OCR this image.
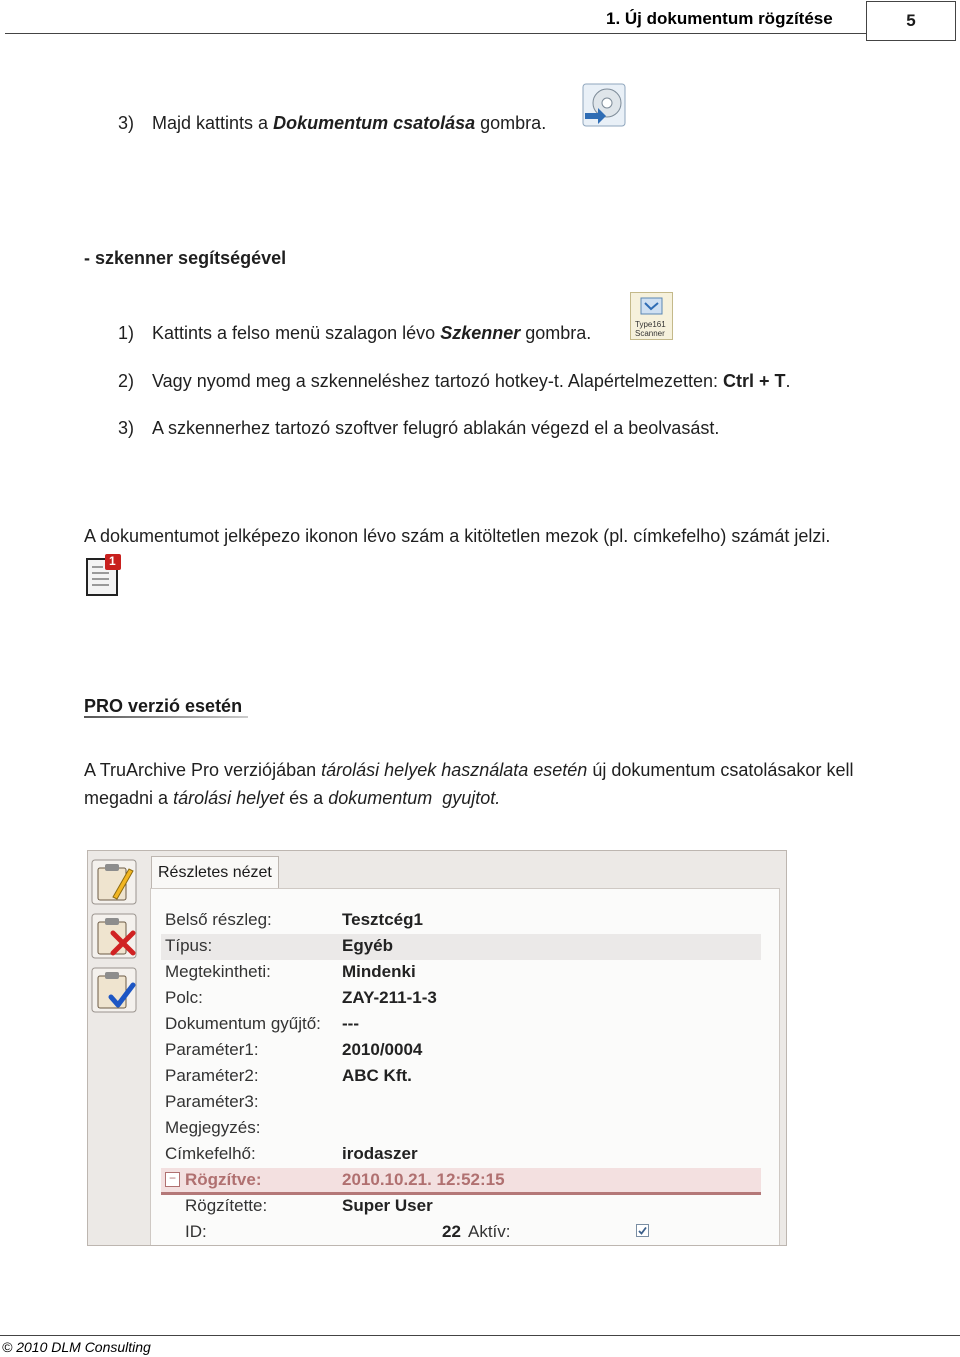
1. Új dokumentum rögzítése	5
3) Majd kattints a Dokumentum csatolása gombra.
- szkenner segítségével
1) Kattints a felso menü szalagon lévo Szkenner gombra.	Type161
Scanner
2) Vagy nyomd meg a szkenneléshez tartozó hotkey-t. Alapértelmezetten: Ctrl + T.
3) A szkennerhez tartozó szoftver felugró ablakán végezd el a beolvasást.
A dokumentumot jelképezo ikonon lévo szám a kitöltetlen mezok (pl. címkefelho) számát jelzi.
1
PRO verzió esetén
A TruArchive Pro verziójában tárolási helyek használata esetén új dokumentum csatolásakor kell
megadni a tárolási helyet és a dokumentum  gyujtot.
Részletes nézet
Belső részleg:	Tesztcég1
Típus:	Egyéb
Megtekintheti:	Mindenki
Polc:	ZAY-211-1-3
Dokumentum gyűjtő: ---
Paraméter1:	2010/0004
Paraméter2:	ABC Kft.
Paraméter3:
Megjegyzés:
Címkefelhő:	irodaszer
− Rögzítve:	2010.10.21. 12:52:15
Rögzítette:	Super User
ID:	22 Aktív:
© 2010 DLM Consulting
